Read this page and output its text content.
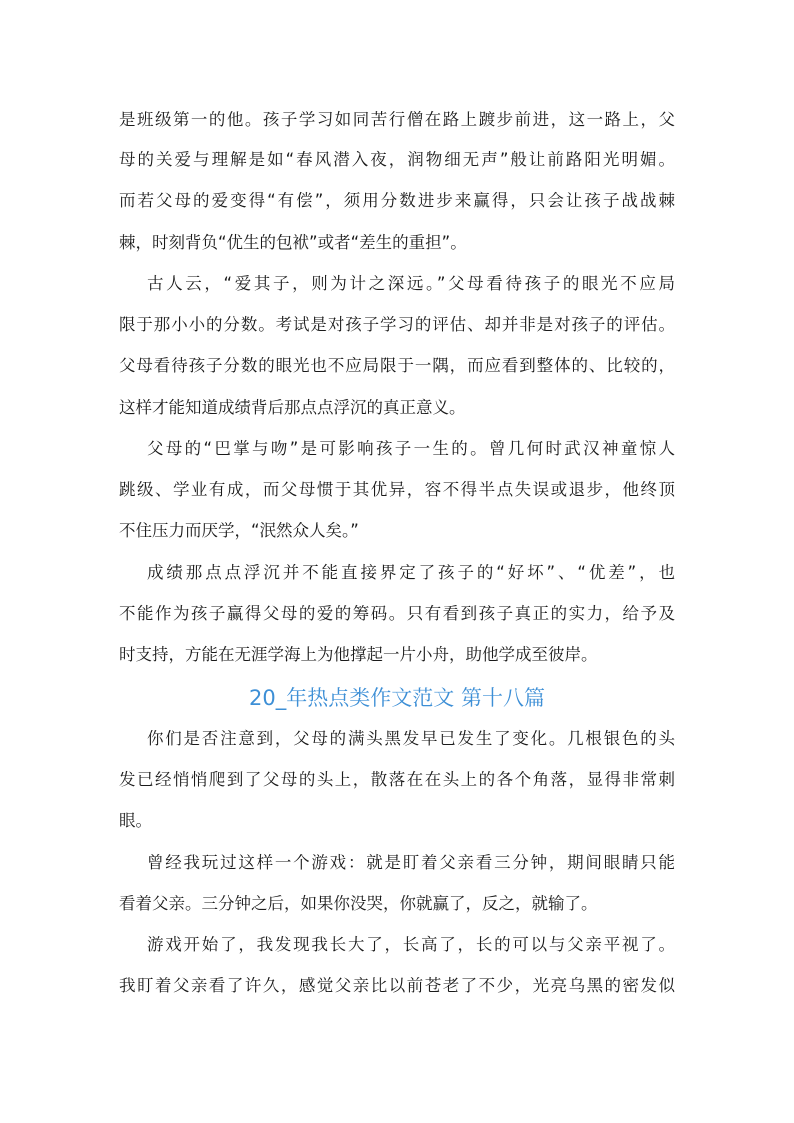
是班级第一的他。孩子学习如同苦行僧在路上踱步前进，这一路上，父
母的关爱与理解是如“春风潜入夜，润物细无声”般让前路阳光明媚。
而若父母的爱变得“有偿”，须用分数进步来赢得，只会让孩子战战棘
棘，时刻背负“优生的包袱”或者“差生的重担”。
古人云，“爱其子，则为计之深远。”父母看待孩子的眼光不应局
限于那小小的分数。考试是对孩子学习的评估、却并非是对孩子的评估。
父母看待孩子分数的眼光也不应局限于一隅，而应看到整体的、比较的，
这样才能知道成绩背后那点点浮沉的真正意义。
父母的“巴掌与吻”是可影响孩子一生的。曾几何时武汉神童惊人
跳级、学业有成，而父母惯于其优异，容不得半点失误或退步，他终顶
不住压力而厌学，“泯然众人矣。”
成绩那点点浮沉并不能直接界定了孩子的“好坏”、“优差”，也
不能作为孩子赢得父母的爱的筹码。只有看到孩子真正的实力，给予及
时支持，方能在无涯学海上为他撑起一片小舟，助他学成至彼岸。
20_年热点类作文范文 第十八篇
你们是否注意到，父母的满头黑发早已发生了变化。几根银色的头
发已经悄悄爬到了父母的头上，散落在在头上的各个角落，显得非常刺
眼。
曾经我玩过这样一个游戏：就是盯着父亲看三分钟，期间眼睛只能
看着父亲。三分钟之后，如果你没哭，你就赢了，反之，就输了。
游戏开始了，我发现我长大了，长高了，长的可以与父亲平视了。
我盯着父亲看了许久，感觉父亲比以前苍老了不少，光亮乌黑的密发似
